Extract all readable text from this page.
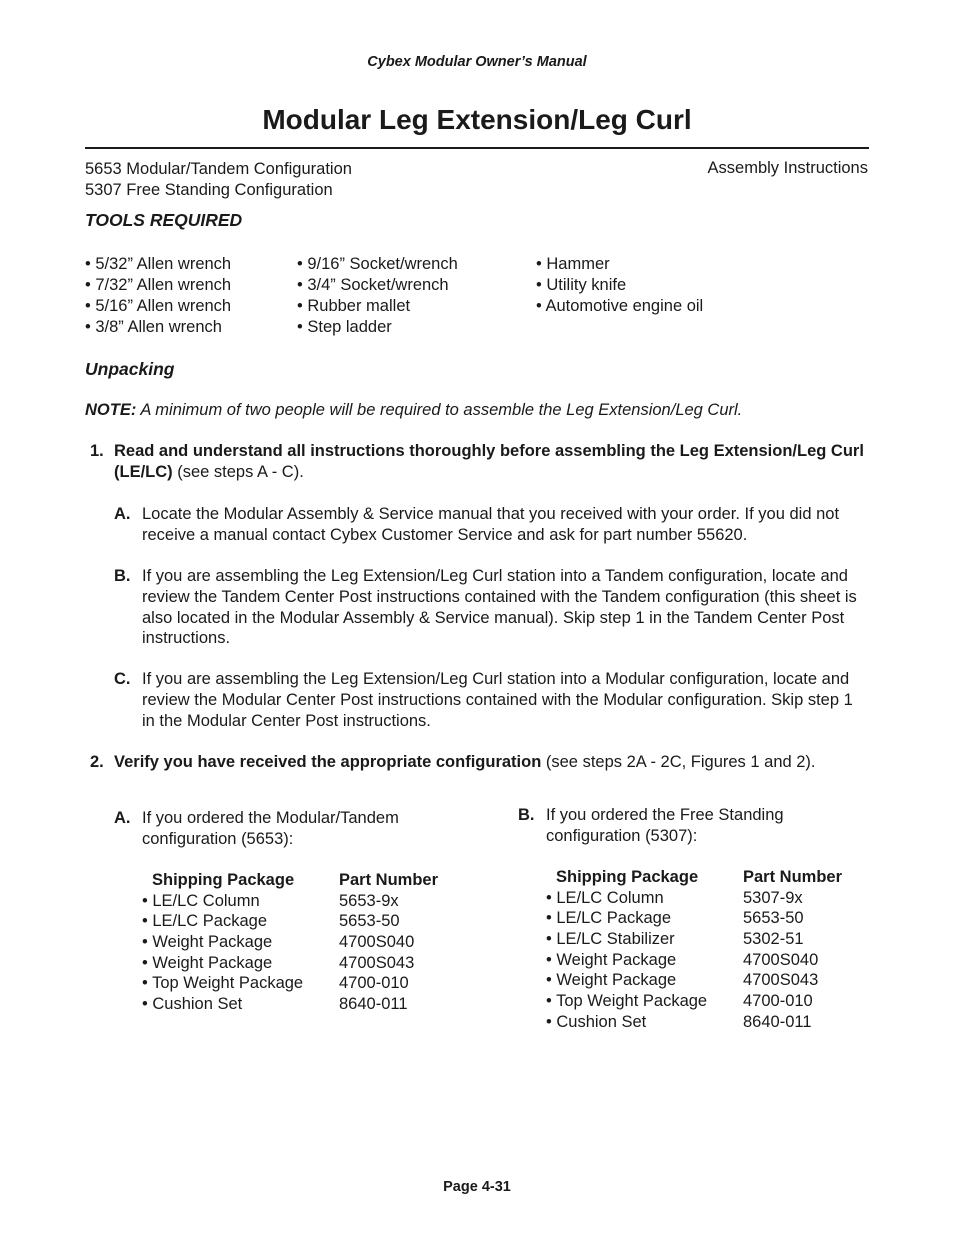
Cybex Modular Owner’s Manual
Modular Leg Extension/Leg Curl
5653 Modular/Tandem Configuration
5307 Free Standing Configuration
Assembly Instructions
TOOLS REQUIRED
• 5/32” Allen wrench
• 7/32” Allen wrench
• 5/16” Allen wrench
• 3/8” Allen wrench
• 9/16” Socket/wrench
• 3/4” Socket/wrench
• Rubber mallet
• Step ladder
• Hammer
• Utility knife
• Automotive engine oil
Unpacking
NOTE: A minimum of two people will be required to assemble the Leg Extension/Leg Curl.
1. Read and understand all instructions thoroughly before assembling the Leg Extension/Leg Curl (LE/LC) (see steps A - C).
A. Locate the Modular Assembly & Service manual that you received with your order. If you did not receive a manual contact Cybex Customer Service and ask for part number 55620.
B. If you are assembling the Leg Extension/Leg Curl station into a Tandem configuration, locate and review the Tandem Center Post instructions contained with the Tandem configuration (this sheet is also located in the Modular Assembly & Service manual). Skip step 1 in the Tandem Center Post instructions.
C. If you are assembling the Leg Extension/Leg Curl station into a Modular configuration, locate and review the Modular Center Post instructions contained with the Modular configuration. Skip step 1 in the Modular Center Post instructions.
2. Verify you have received the appropriate configuration (see steps 2A - 2C, Figures 1 and 2).
A. If you ordered the Modular/Tandem configuration (5653):
Shipping Package	Part Number
• LE/LC Column	5653-9x
• LE/LC Package	5653-50
• Weight Package	4700S040
• Weight Package	4700S043
• Top Weight Package 4700-010
• Cushion Set	8640-011
B. If you ordered the Free Standing configuration (5307):
Shipping Package	Part Number
• LE/LC Column	5307-9x
• LE/LC Package	5653-50
• LE/LC Stabilizer	5302-51
• Weight Package	4700S040
• Weight Package	4700S043
• Top Weight Package 4700-010
• Cushion Set	8640-011
Page 4-31
